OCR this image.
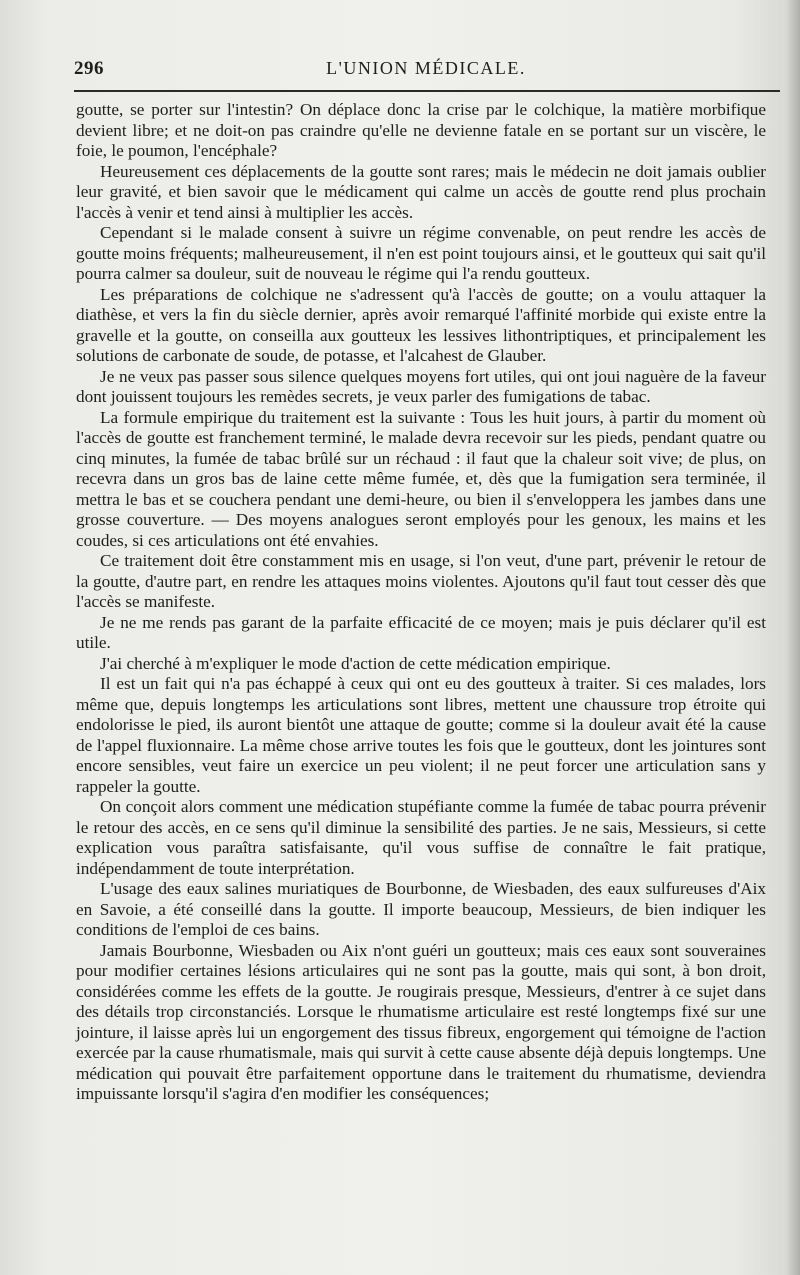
296	L'UNION MÉDICALE.

goutte, se porter sur l'intestin? On déplace donc la crise par le colchique, la matière morbifique devient libre; et ne doit-on pas craindre qu'elle ne devienne fatale en se portant sur un viscère, le foie, le poumon, l'encéphale?

Heureusement ces déplacements de la goutte sont rares; mais le médecin ne doit jamais oublier leur gravité, et bien savoir que le médicament qui calme un accès de goutte rend plus prochain l'accès à venir et tend ainsi à multiplier les accès.

Cependant si le malade consent à suivre un régime convenable, on peut rendre les accès de goutte moins fréquents; malheureusement, il n'en est point toujours ainsi, et le goutteux qui sait qu'il pourra calmer sa douleur, suit de nouveau le régime qui l'a rendu goutteux.

Les préparations de colchique ne s'adressent qu'à l'accès de goutte; on a voulu attaquer la diathèse, et vers la fin du siècle dernier, après avoir remarqué l'affinité morbide qui existe entre la gravelle et la goutte, on conseilla aux goutteux les lessives lithontriptiques, et principalement les solutions de carbonate de soude, de potasse, et l'alcahest de Glauber.

Je ne veux pas passer sous silence quelques moyens fort utiles, qui ont joui naguère de la faveur dont jouissent toujours les remèdes secrets, je veux parler des fumigations de tabac.

La formule empirique du traitement est la suivante : Tous les huit jours, à partir du moment où l'accès de goutte est franchement terminé, le malade devra recevoir sur les pieds, pendant quatre ou cinq minutes, la fumée de tabac brûlé sur un réchaud : il faut que la chaleur soit vive; de plus, on recevra dans un gros bas de laine cette même fumée, et, dès que la fumigation sera terminée, il mettra le bas et se couchera pendant une demi-heure, ou bien il s'enveloppera les jambes dans une grosse couverture. — Des moyens analogues seront employés pour les genoux, les mains et les coudes, si ces articulations ont été envahies.

Ce traitement doit être constamment mis en usage, si l'on veut, d'une part, prévenir le retour de la goutte, d'autre part, en rendre les attaques moins violentes. Ajoutons qu'il faut tout cesser dès que l'accès se manifeste.

Je ne me rends pas garant de la parfaite efficacité de ce moyen; mais je puis déclarer qu'il est utile.

J'ai cherché à m'expliquer le mode d'action de cette médication empirique.

Il est un fait qui n'a pas échappé à ceux qui ont eu des goutteux à traiter. Si ces malades, lors même que, depuis longtemps les articulations sont libres, mettent une chaussure trop étroite qui endolorisse le pied, ils auront bientôt une attaque de goutte; comme si la douleur avait été la cause de l'appel fluxionnaire. La même chose arrive toutes les fois que le goutteux, dont les jointures sont encore sensibles, veut faire un exercice un peu violent; il ne peut forcer une articulation sans y rappeler la goutte.

On conçoit alors comment une médication stupéfiante comme la fumée de tabac pourra prévenir le retour des accès, en ce sens qu'il diminue la sensibilité des parties. Je ne sais, Messieurs, si cette explication vous paraîtra satisfaisante, qu'il vous suffise de connaître le fait pratique, indépendamment de toute interprétation.

L'usage des eaux salines muriatiques de Bourbonne, de Wiesbaden, des eaux sulfureuses d'Aix en Savoie, a été conseillé dans la goutte. Il importe beaucoup, Messieurs, de bien indiquer les conditions de l'emploi de ces bains.

Jamais Bourbonne, Wiesbaden ou Aix n'ont guéri un goutteux; mais ces eaux sont souveraines pour modifier certaines lésions articulaires qui ne sont pas la goutte, mais qui sont, à bon droit, considérées comme les effets de la goutte. Je rougirais presque, Messieurs, d'entrer à ce sujet dans des détails trop circonstanciés. Lorsque le rhumatisme articulaire est resté longtemps fixé sur une jointure, il laisse après lui un engorgement des tissus fibreux, engorgement qui témoigne de l'action exercée par la cause rhumatismale, mais qui survit à cette cause absente déjà depuis longtemps. Une médication qui pouvait être parfaitement opportune dans le traitement du rhumatisme, deviendra impuissante lorsqu'il s'agira d'en modifier les conséquences;
